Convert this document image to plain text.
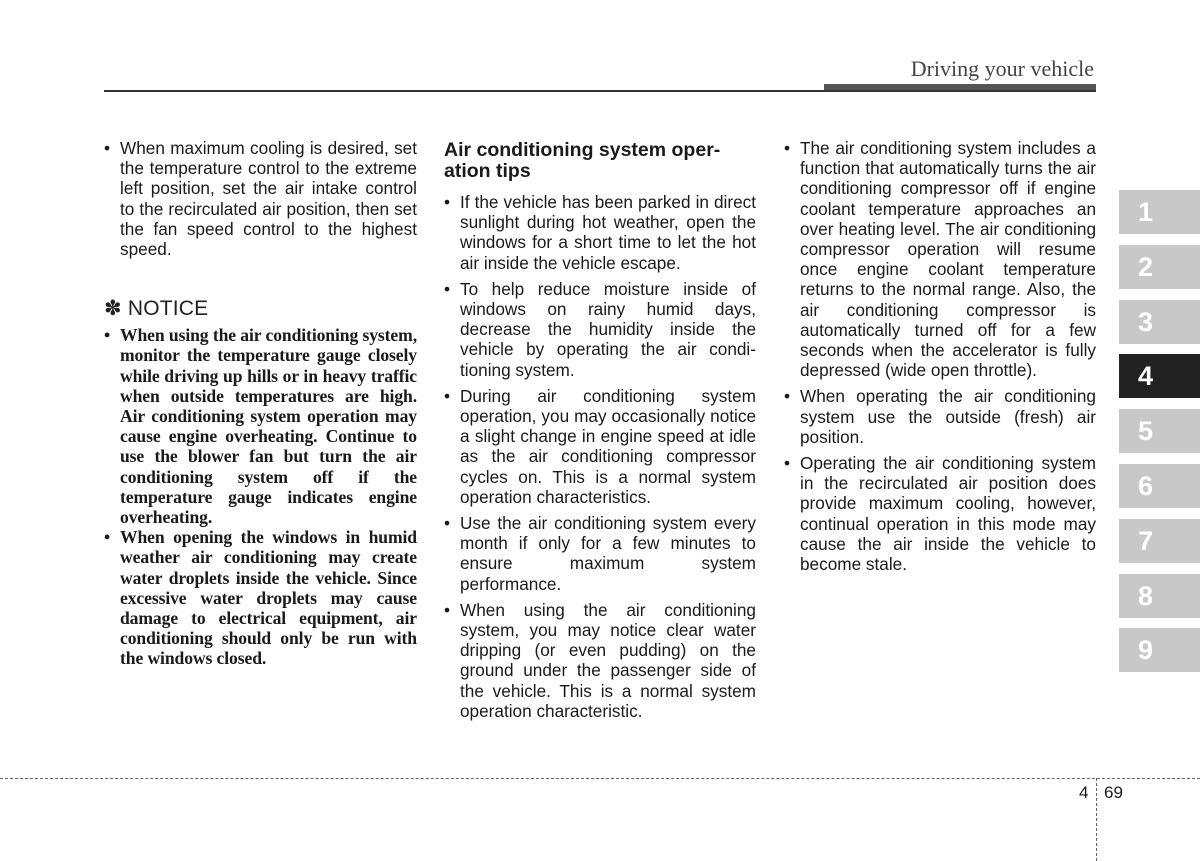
Driving your vehicle
• When maximum cooling is desired, set the temperature control to the extreme left position, set the air intake control to the recirculated air position, then set the fan speed control to the highest speed.
✽ NOTICE
• When using the air conditioning system, monitor the temperature gauge closely while driving up hills or in heavy traffic when outside temperatures are high. Air conditioning system operation may cause engine overheating. Continue to use the blower fan but turn the air conditioning system off if the temperature gauge indicates engine overheating.
• When opening the windows in humid weather air conditioning may create water droplets inside the vehicle. Since excessive water droplets may cause damage to electrical equipment, air conditioning should only be run with the windows closed.
Air conditioning system operation tips
• If the vehicle has been parked in direct sunlight during hot weather, open the windows for a short time to let the hot air inside the vehicle escape.
• To help reduce moisture inside of windows on rainy humid days, decrease the humidity inside the vehicle by operating the air conditioning system.
• During air conditioning system operation, you may occasionally notice a slight change in engine speed at idle as the air conditioning compressor cycles on. This is a normal system operation characteristics.
• Use the air conditioning system every month if only for a few minutes to ensure maximum system performance.
• When using the air conditioning system, you may notice clear water dripping (or even pudding) on the ground under the passenger side of the vehicle. This is a normal system operation characteristic.
• The air conditioning system includes a function that automatically turns the air conditioning compressor off if engine coolant temperature approaches an over heating level. The air conditioning compressor operation will resume once engine coolant temperature returns to the normal range. Also, the air conditioning compressor is automatically turned off for a few seconds when the accelerator is fully depressed (wide open throttle).
• When operating the air conditioning system use the outside (fresh) air position.
• Operating the air conditioning system in the recirculated air position does provide maximum cooling, however, continual operation in this mode may cause the air inside the vehicle to become stale.
1
2
3
4
5
6
7
8
9
4 69
